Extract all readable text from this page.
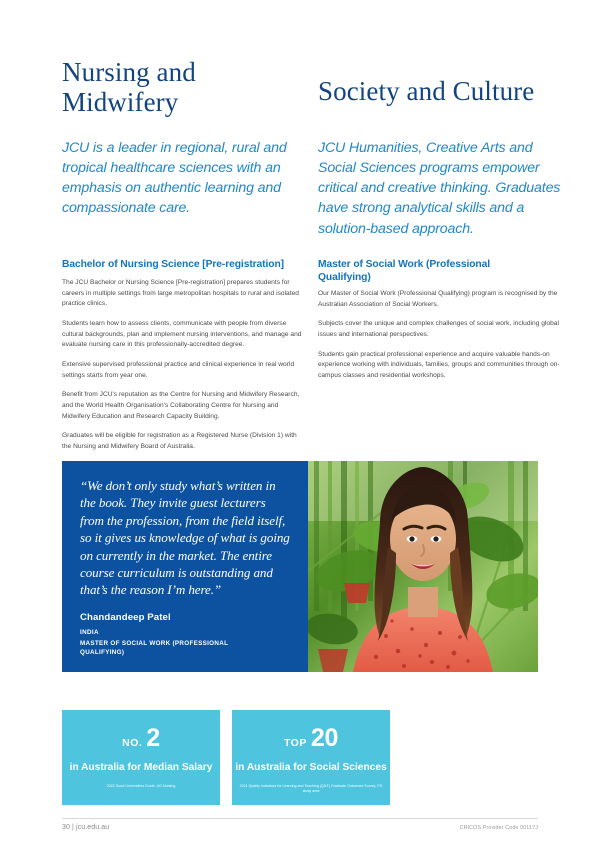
Nursing and Midwifery
JCU is a leader in regional, rural and tropical healthcare sciences with an emphasis on authentic learning and compassionate care.
Society and Culture
JCU Humanities, Creative Arts and Social Sciences programs empower critical and creative thinking. Graduates have strong analytical skills and a solution-based approach.
Bachelor of Nursing Science [Pre-registration]

The JCU Bachelor or Nursing Science [Pre-registration] prepares students for careers in multiple settings from large metropolitan hospitals to rural and isolated practice clinics.

Students learn how to assess clients, communicate with people from diverse cultural backgrounds, plan and implement nursing interventions, and manage and evaluate nursing care in this professionally-accredited degree.

Extensive supervised professional practice and clinical experience in real world settings starts from year one.

Benefit from JCU's reputation as the Centre for Nursing and Midwifery Research, and the World Health Organisation's Collaborating Centre for Nursing and Midwifery Education and Research Capacity Building.

Graduates will be eligible for registration as a Registered Nurse (Division 1) with the Nursing and Midwifery Board of Australia.

Master of Social Work (Professional Qualifying)

Our Master of Social Work (Professional Qualifying) program is recognised by the Australian Association of Social Workers.

Subjects cover the unique and complex challenges of social work, including global issues and international perspectives.

Students gain practical professional experience and acquire valuable hands-on experience working with individuals, families, groups and communities through on-campus classes and residential workshops.

“We don’t only study what’s written in the book. They invite guest lecturers from the profession, from the field itself, so it gives us knowledge of what is going on currently in the market. The entire course curriculum is outstanding and that’s the reason I’m here.”
Chandandeep Patel
INDIA
MASTER OF SOCIAL WORK (PROFESSIONAL QUALIFYING)
NO. 2
in Australia for Median Salary
2022 Good Universities Guide, UG Nursing
TOP 20
in Australia for Social Sciences
2021 Quality Indicators for Learning and Teaching (QILT) Graduate Outcomes Survey, PG study area
30 | jcu.edu.au	CRICOS Provider Code 00117J
